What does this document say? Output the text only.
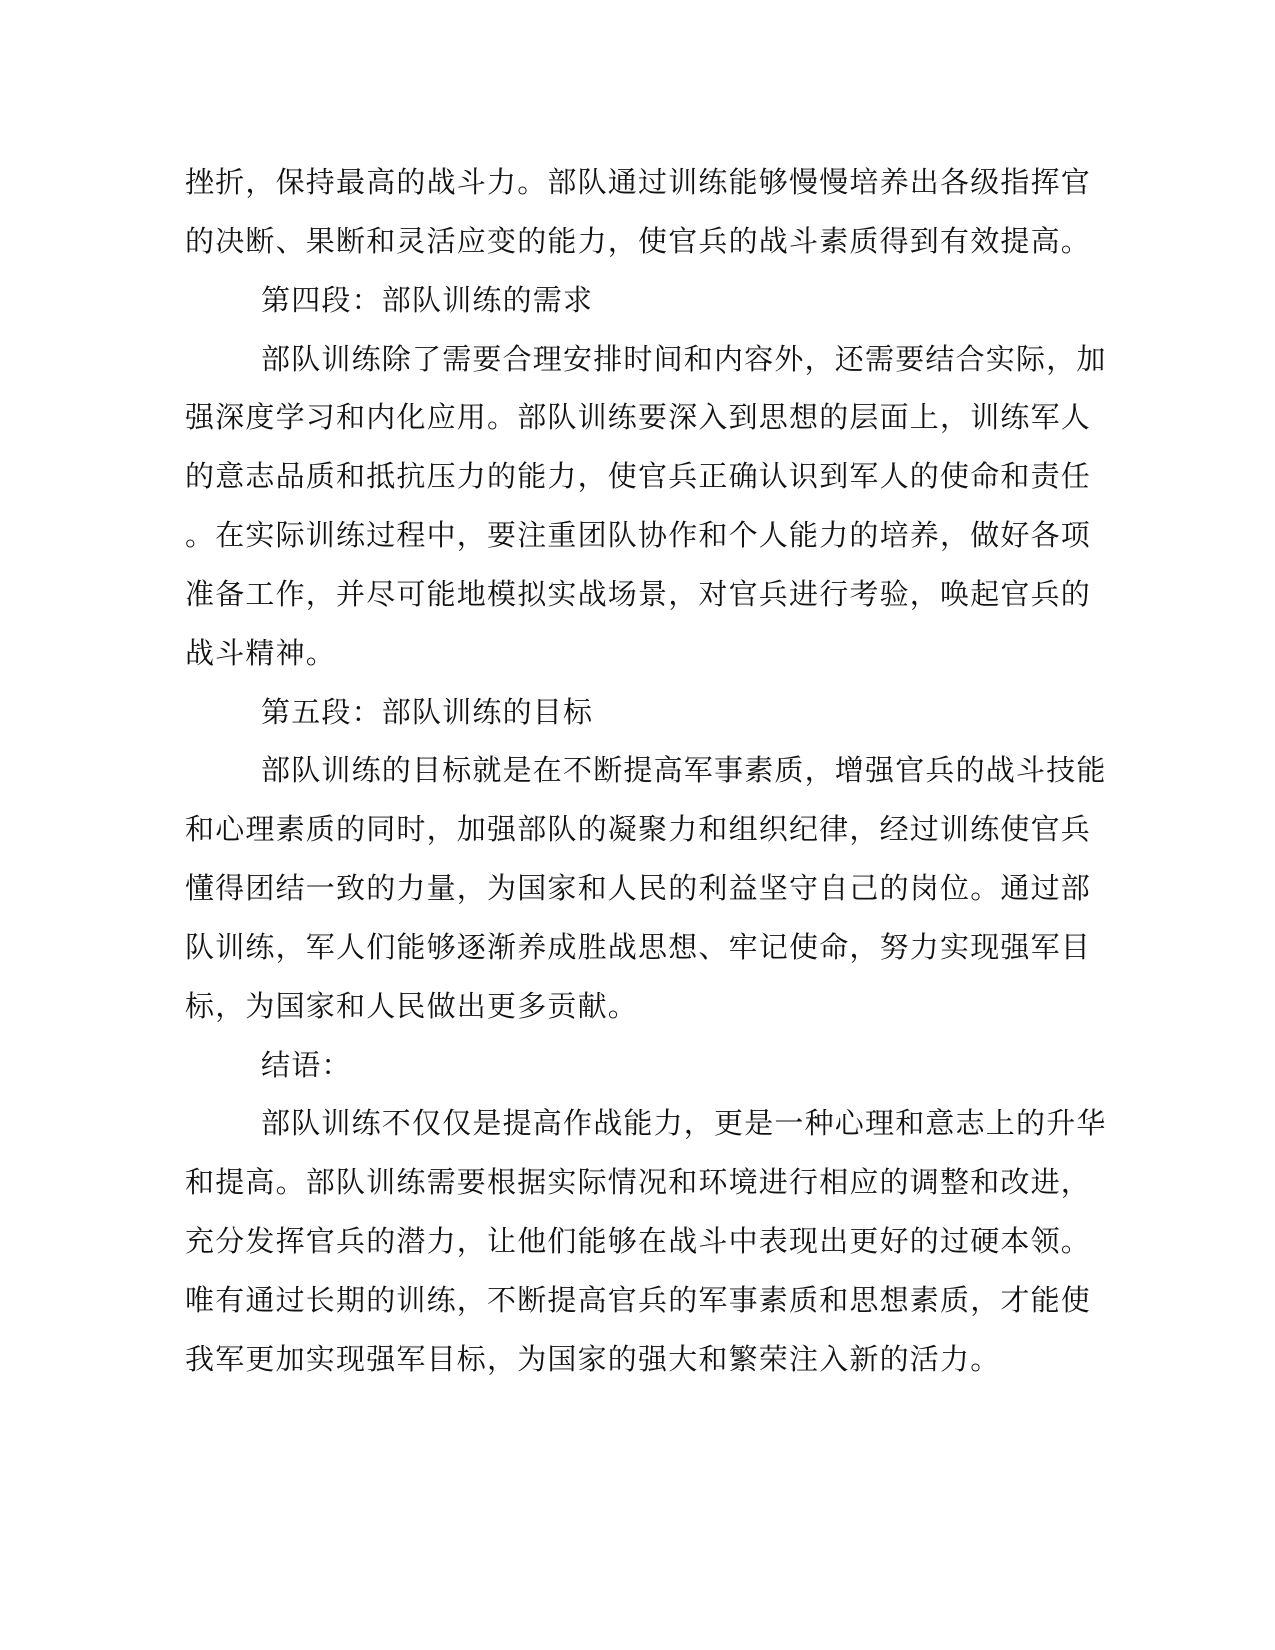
挫折，保持最高的战斗力。部队通过训练能够慢慢培养出各级指挥官
的决断、果断和灵活应变的能力，使官兵的战斗素质得到有效提高。
第四段：部队训练的需求
部队训练除了需要合理安排时间和内容外，还需要结合实际，加
强深度学习和内化应用。部队训练要深入到思想的层面上，训练军人
的意志品质和抵抗压力的能力，使官兵正确认识到军人的使命和责任
。在实际训练过程中，要注重团队协作和个人能力的培养，做好各项
准备工作，并尽可能地模拟实战场景，对官兵进行考验，唤起官兵的
战斗精神。
第五段：部队训练的目标
部队训练的目标就是在不断提高军事素质，增强官兵的战斗技能
和心理素质的同时，加强部队的凝聚力和组织纪律，经过训练使官兵
懂得团结一致的力量，为国家和人民的利益坚守自己的岗位。通过部
队训练，军人们能够逐渐养成胜战思想、牢记使命，努力实现强军目
标，为国家和人民做出更多贡献。
结语：
部队训练不仅仅是提高作战能力，更是一种心理和意志上的升华
和提高。部队训练需要根据实际情况和环境进行相应的调整和改进，
充分发挥官兵的潜力，让他们能够在战斗中表现出更好的过硬本领。
唯有通过长期的训练，不断提高官兵的军事素质和思想素质，才能使
我军更加实现强军目标，为国家的强大和繁荣注入新的活力。
